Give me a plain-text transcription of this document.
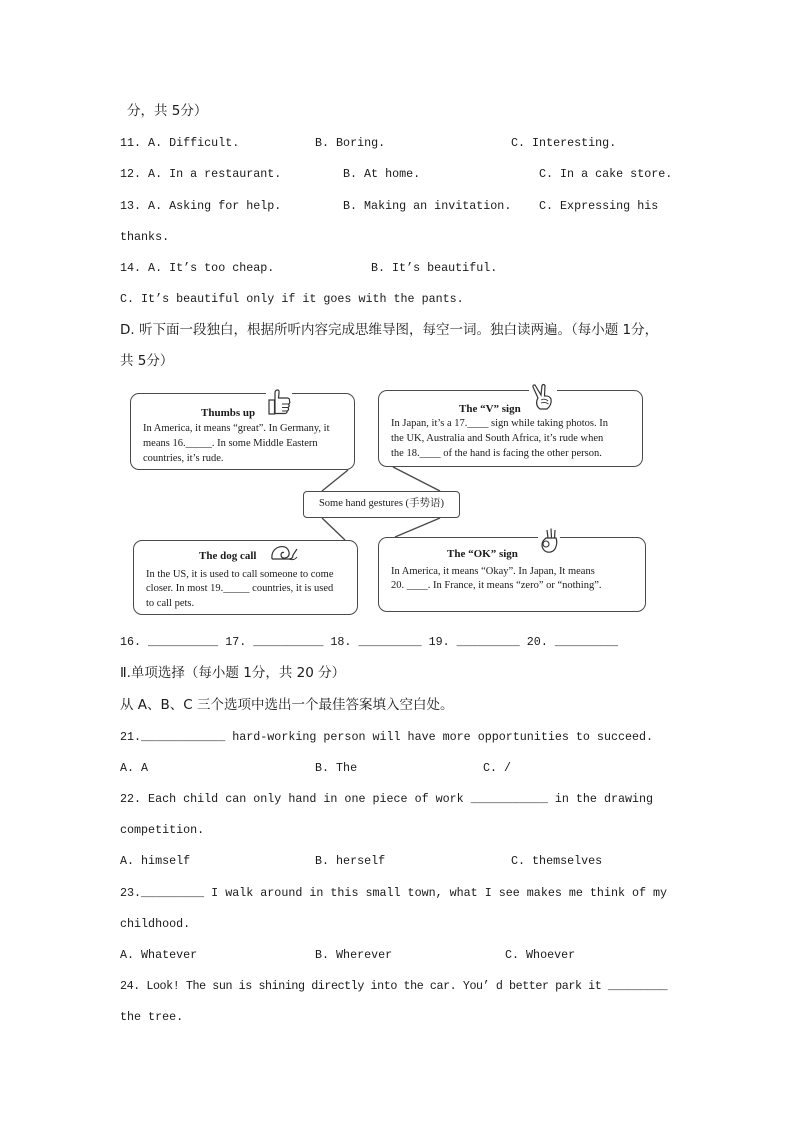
分，共 5分）
11. A. Difficult.	B. Boring.	C. Interesting.
12. A. In a restaurant.	B. At home.	C. In a cake store.
13. A. Asking for help.	B. Making an invitation. C. Expressing his
thanks.
14. A. It’s too cheap.	B. It’s beautiful.
C. It’s beautiful only if it goes with the pants.
D. 听下面一段独白，根据所听内容完成思维导图，每空一词。独白读两遍。（每小题 1分，
共 5分）
Thumbs up
In America, it means “great”. In Germany, it
means 16._____. In some Middle Eastern
countries, it’s rude.
The “V” sign
In Japan, it’s a 17.____ sign while taking photos. In
the UK, Australia and South Africa, it’s rude when
the 18.____ of the hand is facing the other person.
Some hand gestures (手势语)
The dog call
In the US, it is used to call someone to come
closer. In most 19._____ countries, it is used
to call pets.
The “OK” sign
In America, it means “Okay”. In Japan, It means
20. ____. In France, it means “zero” or “nothing”.
16. __________ 17. __________ 18. _________ 19. _________ 20. _________
Ⅱ.单项选择（每小题 1分，共 20 分）
从 A、B、C 三个选项中选出一个最佳答案填入空白处。
21.____________ hard-working person will have more opportunities to succeed.
A. A	B. The	C. /
22. Each child can only hand in one piece of work ___________ in the drawing
competition.
A. himself	B. herself	C. themselves
23._________ I walk around in this small town, what I see makes me think of my
childhood.
A. Whatever	B. Wherever	C. Whoever
24. Look! The sun is shining directly into the car. You’ d better park it _________
the tree.
